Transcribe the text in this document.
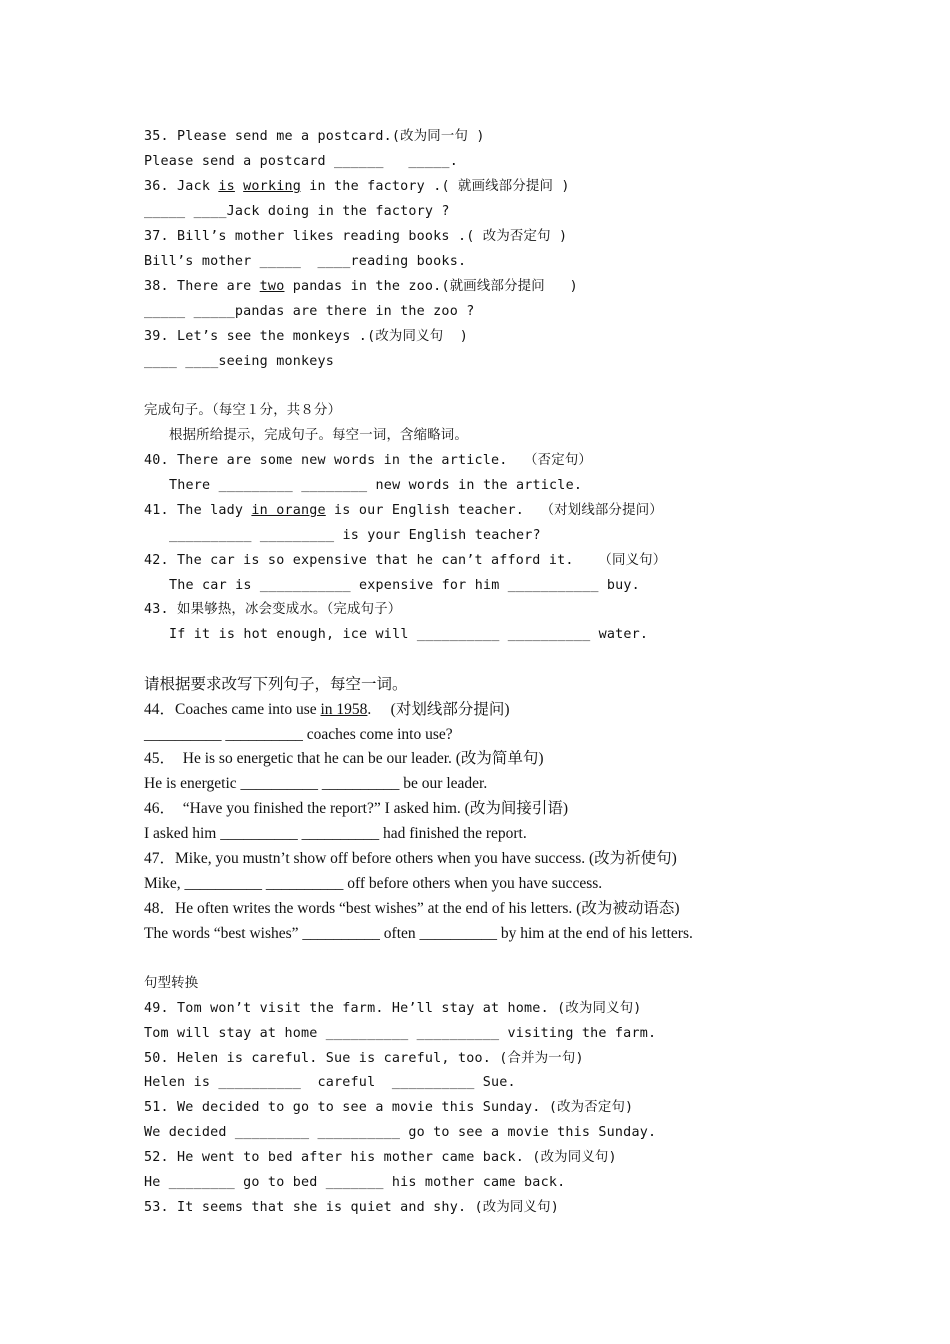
35. Please send me a postcard.(改为同一句 )
Please send a postcard ______   _____.
36. Jack is working in the factory .( 就画线部分提问 )
_____ ____Jack doing in the factory ?
37. Bill’s mother likes reading books .( 改为否定句 )
Bill’s mother _____  ____reading books.
38. There are two pandas in the zoo.(就画线部分提问   )
_____ _____pandas are there in the zoo ?
39. Let’s see the monkeys .(改为同义句  )
____ ____seeing monkeys
完成句子。（每空１分，共８分）
根据所给提示，完成句子。每空一词，含缩略词。
40. There are some new words in the article.  （否定句）
There _________ ________ new words in the article.
41. The lady in orange is our English teacher.  （对划线部分提问）
__________ _________ is your English teacher?
42. The car is so expensive that he can’t afford it.   （同义句）
The car is ___________ expensive for him ___________ buy.
43. 如果够热，冰会变成水。（完成句子）
If it is hot enough, ice will __________ __________ water.
请根据要求改写下列句子，每空一词。
44．Coaches came into use in 1958.     (对划线部分提问)
__________ __________ coaches come into use?
45．  He is so energetic that he can be our leader. (改为简单句)
He is energetic __________ __________ be our leader.
46．  “Have you finished the report?” I asked him. (改为间接引语)
I asked him __________ __________ had finished the report.
47．Mike, you mustn’t show off before others when you have success. (改为祈使句)
Mike, __________ __________ off before others when you have success.
48．He often writes the words “best wishes” at the end of his letters. (改为被动语态)
The words “best wishes” __________ often __________ by him at the end of his letters.
句型转换
49. Tom won’t visit the farm. He’ll stay at home. (改为同义句)
Tom will stay at home __________ __________ visiting the farm.
50. Helen is careful. Sue is careful, too. (合并为一句)
Helen is __________  careful  __________ Sue.
51. We decided to go to see a movie this Sunday. (改为否定句)
We decided _________ __________ go to see a movie this Sunday.
52. He went to bed after his mother came back. (改为同义句)
He ________ go to bed _______ his mother came back.
53. It seems that she is quiet and shy. (改为同义句)
